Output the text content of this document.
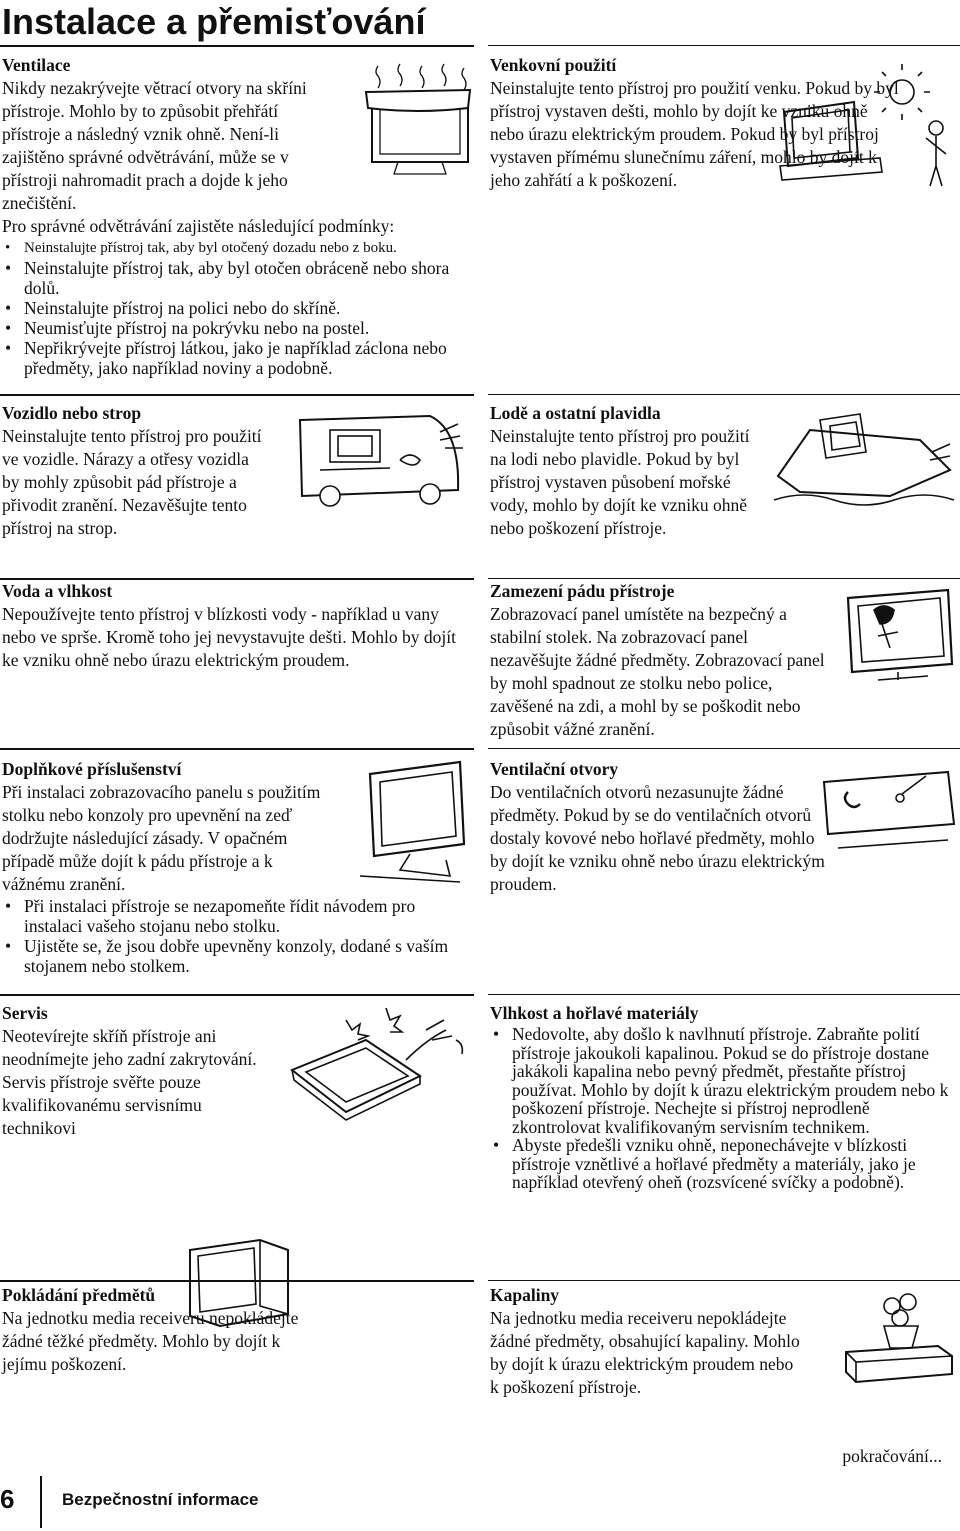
Instalace a přemisťování
Ventilace

Nikdy nezakrývejte větrací otvory na skříni přístroje. Mohlo by to způsobit přehřátí přístroje a následný vznik ohně. Není-li zajištěno správné odvětrávání, může se v přístroji nahromadit prach a dojde k jeho znečištění.

Pro správné odvětrávání zajistěte následující podmínky:

• Neinstalujte přístroj tak, aby byl otočený dozadu nebo z boku.
• Neinstalujte přístroj tak, aby byl otočen obráceně nebo shora dolů.
• Neinstalujte přístroj na polici nebo do skříně.
• Neumisťujte přístroj na pokrývku nebo na postel.
• Nepřikrývejte přístroj látkou, jako je například záclona nebo předměty, jako například noviny a podobně.
Vozidlo nebo strop

Neinstalujte tento přístroj pro použití ve vozidle. Nárazy a otřesy vozidla by mohly způsobit pád přístroje a přivodit zranění. Nezavěšujte tento přístroj na strop.

Voda a vlhkost

Nepoužívejte tento přístroj v blízkosti vody - například u vany nebo ve sprše. Kromě toho jej nevystavujte dešti. Mohlo by dojít ke vzniku ohně nebo úrazu elektrickým proudem.

Doplňkové příslušenství

Při instalaci zobrazovacího panelu s použitím stolku nebo konzoly pro upevnění na zeď dodržujte následující zásady. V opačném případě může dojít k pádu přístroje a k vážnému zranění.

• Při instalaci přístroje se nezapomeňte řídit návodem pro instalaci vašeho stojanu nebo stolku.
• Ujistěte se, že jsou dobře upevněny konzoly, dodané s vaším stojanem nebo stolkem.
Servis

Neotevírejte skříň přístroje ani neodnímejte jeho zadní zakrytování. Servis přístroje svěřte pouze kvalifikovanému servisnímu technikovi

Pokládání předmětů

Na jednotku media receiveru nepokládejte žádné těžké předměty. Mohlo by dojít k jejímu poškození.

Venkovní použití

Neinstalujte tento přístroj pro použití venku. Pokud by byl přístroj vystaven dešti, mohlo by dojít ke vzniku ohně nebo úrazu elektrickým proudem. Pokud by byl přístroj vystaven přímému slunečnímu záření, mohlo by dojít k jeho zahřátí a k poškození.

Lodě a ostatní plavidla

Neinstalujte tento přístroj pro použití na lodi nebo plavidle. Pokud by byl přístroj vystaven působení mořské vody, mohlo by dojít ke vzniku ohně nebo poškození přístroje.

Zamezení pádu přístroje

Zobrazovací panel umístěte na bezpečný a stabilní stolek. Na zobrazovací panel nezavěšujte žádné předměty. Zobrazovací panel by mohl spadnout ze stolku nebo police, zavěšené na zdi, a mohl by se poškodit nebo způsobit vážné zranění.

Ventilační otvory

Do ventilačních otvorů nezasunujte žádné předměty. Pokud by se do ventilačních otvorů dostaly kovové nebo hořlavé předměty, mohlo by dojít ke vzniku ohně nebo úrazu elektrickým proudem.

Vlhkost a hořlavé materiály
• Nedovolte, aby došlo k navlhnutí přístroje. Zabraňte polití přístroje jakoukoli kapalinou. Pokud se do přístroje dostane jakákoli kapalina nebo pevný předmět, přestaňte přístroj používat. Mohlo by dojít k úrazu elektrickým proudem nebo k poškození přístroje. Nechejte si přístroj neprodleně zkontrolovat kvalifikovaným servisním technikem.
• Abyste předešli vzniku ohně, neponechávejte v blízkosti přístroje vznětlivé a hořlavé předměty a materiály, jako je například otevřený oheň (rozsvícené svíčky a podobně).
Kapaliny

Na jednotku media receiveru nepokládejte žádné předměty, obsahující kapaliny. Mohlo by dojít k úrazu elektrickým proudem nebo k poškození přístroje.

pokračování...
6	Bezpečnostní informace
